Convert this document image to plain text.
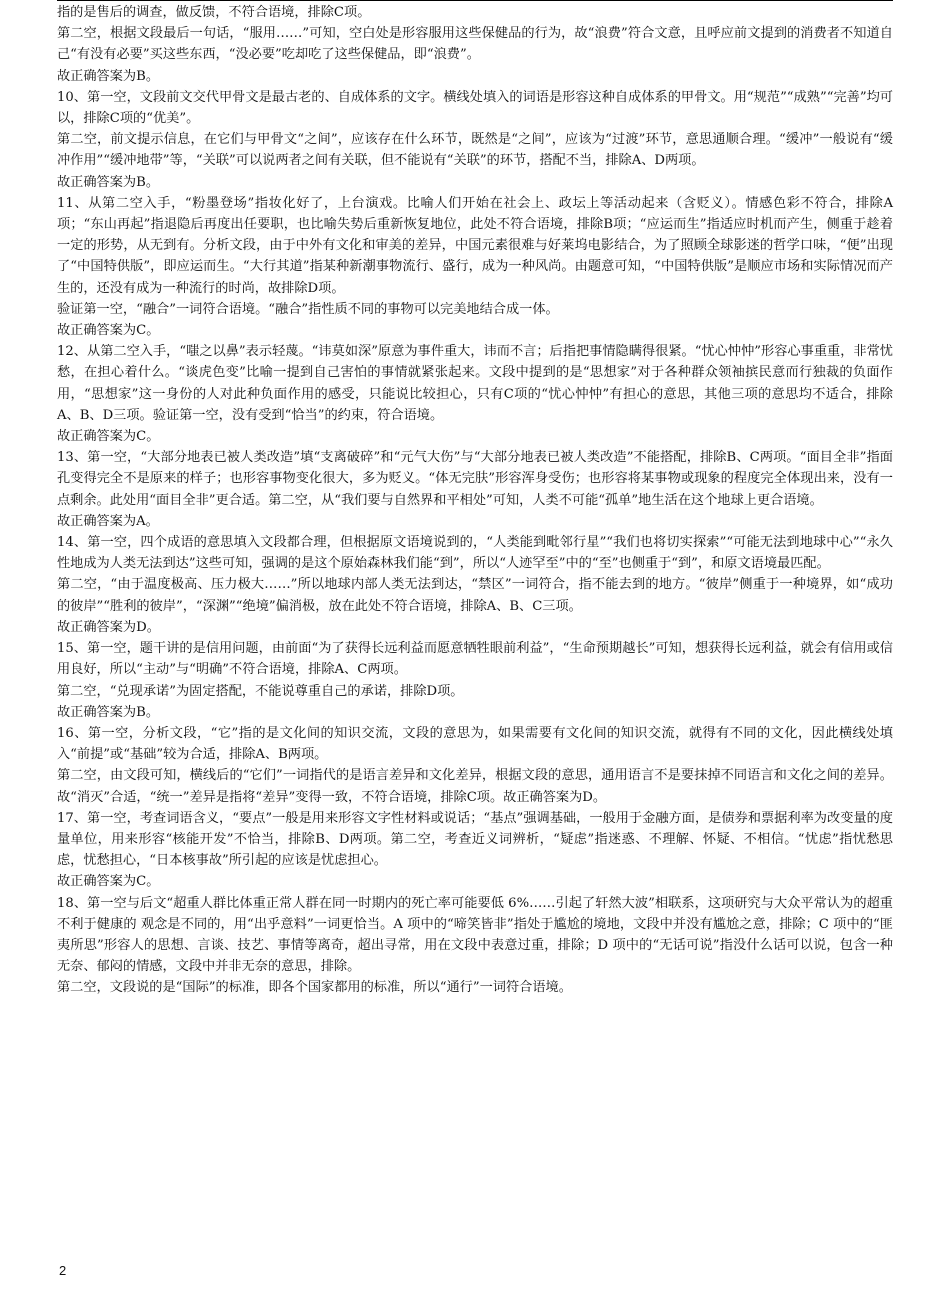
指的是售后的调查，做反馈，不符合语境，排除C项。

第二空，根据文段最后一句话，“服用……”可知，空白处是形容服用这些保健品的行为，故“浪费”符合文意，且呼应前文提到的消费者不知道自己“有没有必要”买这些东西，“没必要”吃却吃了这些保健品，即“浪费”。

故正确答案为B。

10、第一空，文段前文交代甲骨文是最古老的、自成体系的文字。横线处填入的词语是形容这种自成体系的甲骨文。用“规范”“成熟”“完善”均可以，排除C项的“优美”。

第二空，前文提示信息，在它们与甲骨文“之间”，应该存在什么环节，既然是“之间”，应该为“过渡”环节，意思通顺合理。“缓冲”一般说有“缓冲作用”“缓冲地带”等，“关联”可以说两者之间有关联，但不能说有“关联”的环节，搭配不当，排除A、D两项。

故正确答案为B。

11、从第二空入手，“粉墨登场”指妆化好了，上台演戏。比喻人们开始在社会上、政坛上等活动起来（含贬义）。情感色彩不符合，排除A项；“东山再起”指退隐后再度出任要职，也比喻失势后重新恢复地位，此处不符合语境，排除B项；“应运而生”指适应时机而产生，侧重于趁着一定的形势，从无到有。分析文段，由于中外有文化和审美的差异，中国元素很难与好莱坞电影结合，为了照顾全球影迷的哲学口味，“便”出现了“中国特供版”，即应运而生。“大行其道”指某种新潮事物流行、盛行，成为一种风尚。由题意可知，“中国特供版”是顺应市场和实际情况而产生的，还没有成为一种流行的时尚，故排除D项。

验证第一空，“融合”一词符合语境。“融合”指性质不同的事物可以完美地结合成一体。

故正确答案为C。

12、从第二空入手，“嗤之以鼻”表示轻蔑。“讳莫如深”原意为事件重大，讳而不言；后指把事情隐瞒得很紧。“忧心忡忡”形容心事重重，非常忧愁，在担心着什么。“谈虎色变”比喻一提到自己害怕的事情就紧张起来。文段中提到的是“思想家”对于各种群众领袖摈民意而行独裁的负面作用，“思想家”这一身份的人对此种负面作用的感受，只能说比较担心，只有C项的“忧心忡忡”有担心的意思，其他三项的意思均不适合，排除A、B、D三项。验证第一空，没有受到“恰当”的约束，符合语境。

故正确答案为C。

13、第一空，“大部分地表已被人类改造”填“支离破碎”和“元气大伤”与“大部分地表已被人类改造”不能搭配，排除B、C两项。“面目全非”指面孔变得完全不是原来的样子；也形容事物变化很大，多为贬义。“体无完肤”形容浑身受伤；也形容将某事物或现象的程度完全体现出来，没有一点剩余。此处用“面目全非”更合适。第二空，从“我们要与自然界和平相处”可知，人类不可能“孤单”地生活在这个地球上更合语境。

故正确答案为A。

14、第一空，四个成语的意思填入文段都合理，但根据原文语境说到的，“人类能到毗邻行星”“我们也将切实探索”“可能无法到地球中心”“永久性地成为人类无法到达”这些可知，强调的是这个原始森林我们能“到”，所以“人迹罕至”中的“至”也侧重于“到”，和原文语境最匹配。

第二空，“由于温度极高、压力极大……”所以地球内部人类无法到达，“禁区”一词符合，指不能去到的地方。“彼岸”侧重于一种境界，如“成功的彼岸”“胜利的彼岸”，“深渊”“绝境”偏消极，放在此处不符合语境，排除A、B、C三项。

故正确答案为D。

15、第一空，题干讲的是信用问题，由前面“为了获得长远利益而愿意牺牲眼前利益”，“生命预期越长”可知，想获得长远利益，就会有信用或信用良好，所以“主动”与“明确”不符合语境，排除A、C两项。

第二空，“兑现承诺”为固定搭配，不能说尊重自己的承诺，排除D项。

故正确答案为B。

16、第一空，分析文段，“它”指的是文化间的知识交流，文段的意思为，如果需要有文化间的知识交流，就得有不同的文化，因此横线处填入“前提”或“基础”较为合适，排除A、B两项。

第二空，由文段可知，横线后的“它们”一词指代的是语言差异和文化差异，根据文段的意思，通用语言不是要抹掉不同语言和文化之间的差异。故“消灭”合适，“统一”差异是指将“差异”变得一致，不符合语境，排除C项。故正确答案为D。

17、第一空，考查词语含义，“要点”一般是用来形容文字性材料或说话；“基点”强调基础，一般用于金融方面，是债券和票据利率为改变量的度量单位，用来形容“核能开发”不恰当，排除B、D两项。第二空，考查近义词辨析，“疑虑”指迷惑、不理解、怀疑、不相信。“忧虑”指忧愁思虑，忧愁担心，“日本核事故”所引起的应该是忧虑担心。

故正确答案为C。

18、第一空与后文“超重人群比体重正常人群在同一时期内的死亡率可能要低 6%……引起了轩然大波”相联系，这项研究与大众平常认为的超重不利于健康的 观念是不同的，用“出乎意料”一词更恰当。A 项中的“啼笑皆非”指处于尴尬的境地，文段中并没有尴尬之意，排除；C 项中的“匪夷所思”形容人的思想、言谈、技艺、事情等离奇，超出寻常，用在文段中表意过重，排除；D 项中的“无话可说”指没什么话可以说，包含一种无奈、郁闷的情感，文段中并非无奈的意思，排除。

第二空，文段说的是“国际”的标准，即各个国家都用的标准，所以“通行”一词符合语境。

2
